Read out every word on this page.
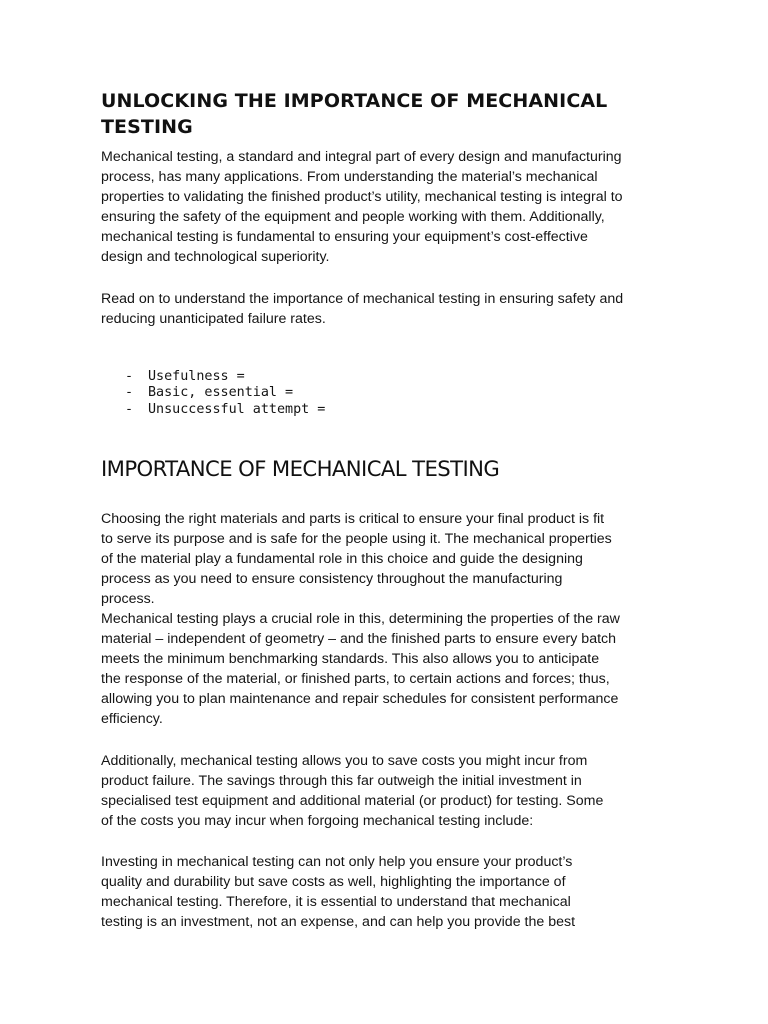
UNLOCKING THE IMPORTANCE OF MECHANICAL
TESTING

Mechanical testing, a standard and integral part of every design and manufacturing
process, has many applications. From understanding the material’s mechanical
properties to validating the finished product’s utility, mechanical testing is integral to
ensuring the safety of the equipment and people working with them. Additionally,
mechanical testing is fundamental to ensuring your equipment’s cost-effective
design and technological superiority.

Read on to understand the importance of mechanical testing in ensuring safety and
reducing unanticipated failure rates.

- Usefulness =
- Basic, essential =
- Unsuccessful attempt =
IMPORTANCE OF MECHANICAL TESTING

Choosing the right materials and parts is critical to ensure your final product is fit
to serve its purpose and is safe for the people using it. The mechanical properties
of the material play a fundamental role in this choice and guide the designing
process as you need to ensure consistency throughout the manufacturing
process.

Mechanical testing plays a crucial role in this, determining the properties of the raw
material – independent of geometry – and the finished parts to ensure every batch
meets the minimum benchmarking standards. This also allows you to anticipate
the response of the material, or finished parts, to certain actions and forces; thus,
allowing you to plan maintenance and repair schedules for consistent performance
efficiency.

Additionally, mechanical testing allows you to save costs you might incur from
product failure. The savings through this far outweigh the initial investment in
specialised test equipment and additional material (or product) for testing. Some
of the costs you may incur when forgoing mechanical testing include:

Investing in mechanical testing can not only help you ensure your product’s
quality and durability but save costs as well, highlighting the importance of
mechanical testing. Therefore, it is essential to understand that mechanical
testing is an investment, not an expense, and can help you provide the best
